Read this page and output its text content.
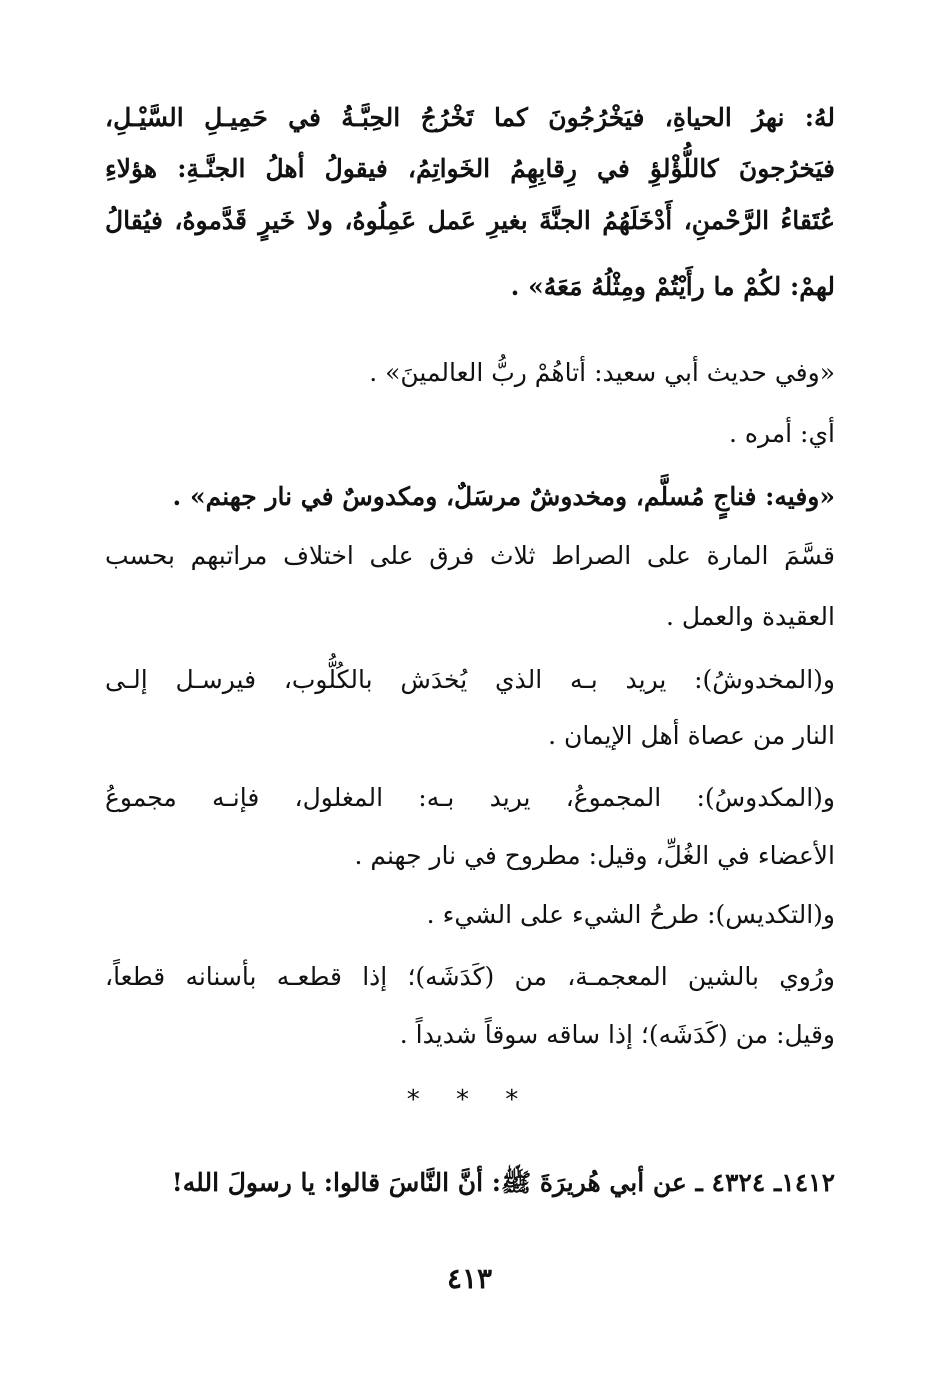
لهُ: نهرُ الحياةِ، فيَخْرُجُونَ كما تَخْرُجُ الحِبَّـةُ في حَمِيـلِ السَّيْـلِ،
فيَخرُجونَ كاللُّؤْلؤِ في رِقابِهِمُ الخَواتِمُ، فيقولُ أهلُ الجنَّـةِ: هؤلاءِ
عُتَقاءُ الرَّحْمنِ، أَدْخَلَهُمُ الجنَّةَ بغيرِ عَمل عَمِلُوهُ، ولا خَيرٍ قَدَّموهُ، فيُقالُ
لهمْ: لكُمْ ما رأَيْتُمْ ومِثْلُهُ مَعَهُ» .
«وفي حديث أبي سعيد: أتاهُمْ ربُّ العالمينَ» .
أي: أمره .
«وفيه: فناجٍ مُسلَّم، ومخدوشٌ مرسَلٌ، ومكدوسٌ في نار جهنم» .
قسَّمَ المارة على الصراط ثلاث فرق على اختلاف مراتبهم بحسب
العقيدة والعمل .
و(المخدوشُ): يريد بـه الذي يُخدَش بالكُلُّوب، فيرسـل إلـى
النار من عصاة أهل الإيمان .
و(المكدوسُ): المجموعُ، يريد بـه: المغلول، فإنـه مجموعُ
الأعضاء في الغُلِّ، وقيل: مطروح في نار جهنم .
و(التكديس): طرحُ الشيء على الشيء .
ورُوي بالشين المعجمـة، من (كَدَشَه)؛ إذا قطعـه بأسنانه قطعاً،
وقيل: من (كَدَشَه)؛ إذا ساقه سوقاً شديداً .
* * *
١٤١٢ـ ٤٣٢٤ ـ عن أبي هُريرَةَ ﷺ: أنَّ النَّاسَ قالوا: يا رسولَ الله!
٤١٣
